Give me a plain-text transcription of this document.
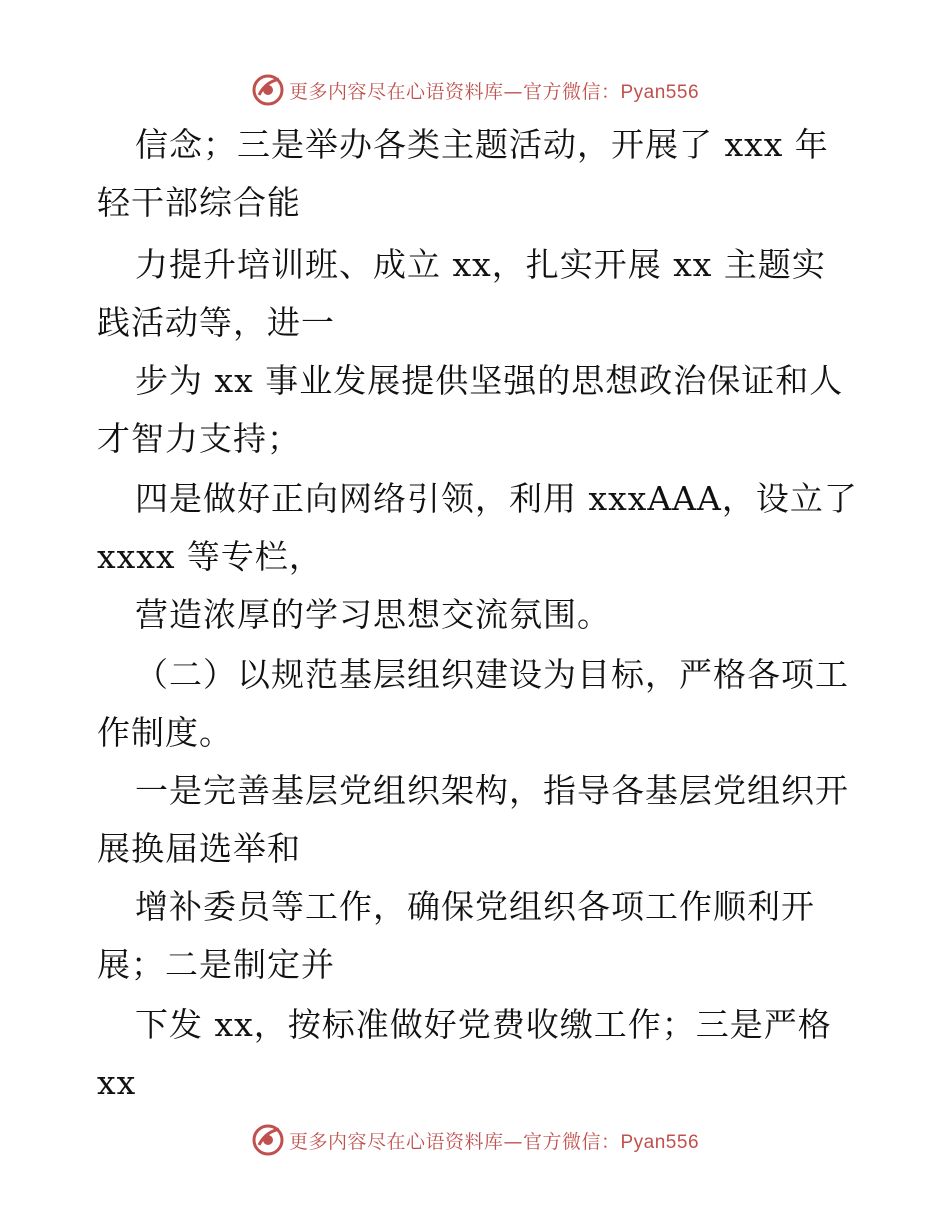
更多内容尽在心语资料库—官方微信：Pyan556
信念；三是举办各类主题活动，开展了 xxx 年
轻干部综合能
力提升培训班、成立 xx，扎实开展 xx 主题实
践活动等，进一
步为 xx 事业发展提供坚强的思想政治保证和人
才智力支持；
四是做好正向网络引领，利用 xxxAAA，设立了
xxxx 等专栏，
营造浓厚的学习思想交流氛围。
（二）以规范基层组织建设为目标，严格各项工
作制度。
一是完善基层党组织架构，指导各基层党组织开
展换届选举和
增补委员等工作，确保党组织各项工作顺利开
展；二是制定并
下发 xx，按标准做好党费收缴工作；三是严格
xx
更多内容尽在心语资料库—官方微信：Pyan556
